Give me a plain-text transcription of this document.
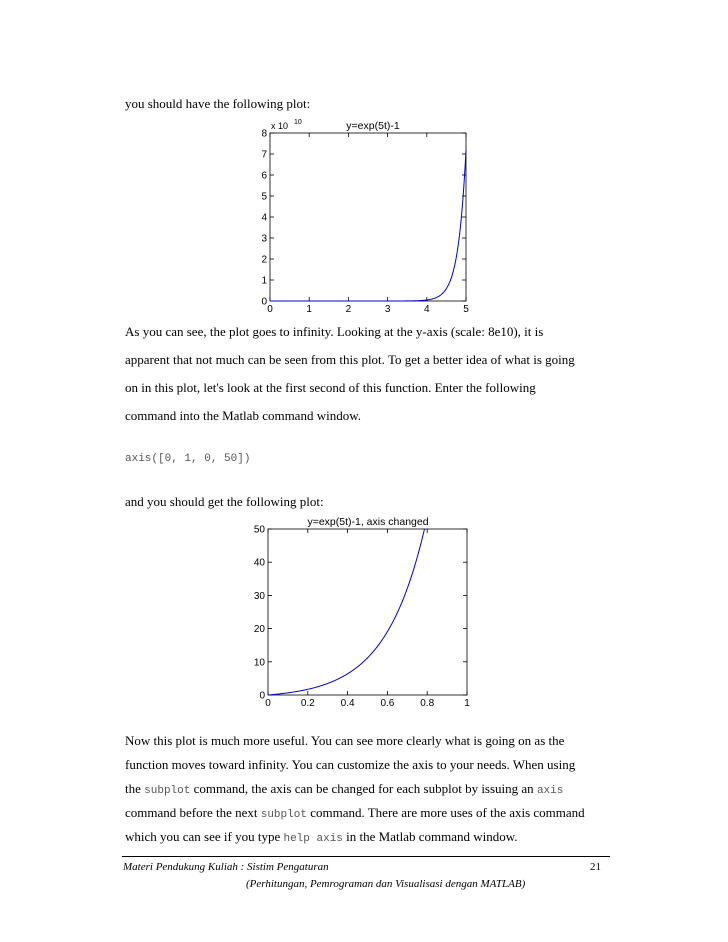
you should have the following plot:
0	1	2	3	4	5
0
1
2
3
4
5
6
7
8
y=exp(5t)-1
x 10 10
As you can see, the plot goes to infinity. Looking at the y-axis (scale: 8e10), it is
apparent that not much can be seen from this plot. To get a better idea of what is going
on in this plot, let's look at the first second of this function. Enter the following
command into the Matlab command window.
axis([0, 1, 0, 50])
and you should get the following plot:
0	0.2	0.4	0.6	0.8	1
0
10
20
30
40
50
y=exp(5t)-1, axis changed
Now this plot is much more useful. You can see more clearly what is going on as the
function moves toward infinity. You can customize the axis to your needs. When using
the subplot command, the axis can be changed for each subplot by issuing an axis
command before the next subplot command. There are more uses of the axis command
which you can see if you type help axis in the Matlab command window.
Materi Pendukung Kuliah : Sistim Pengaturan
(Perhitungan, Pemrograman dan Visualisasi dengan MATLAB)
21
